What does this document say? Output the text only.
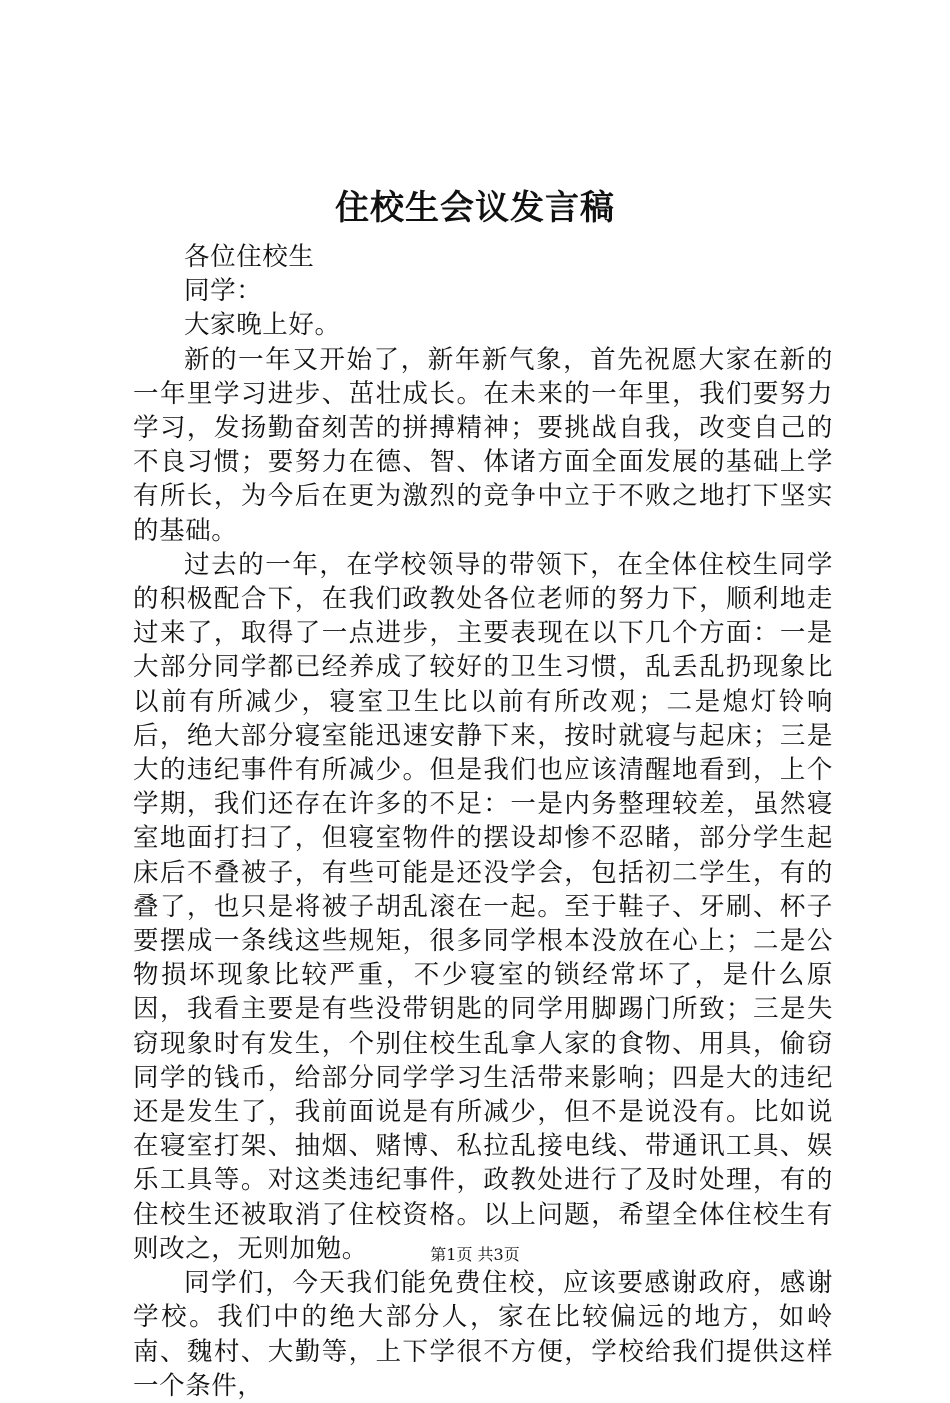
住校生会议发言稿

各位住校生

同学：

大家晚上好。

新的一年又开始了，新年新气象，首先祝愿大家在新的一年里学习进步、茁壮成长。在未来的一年里，我们要努力学习，发扬勤奋刻苦的拼搏精神；要挑战自我，改变自己的不良习惯；要努力在德、智、体诸方面全面发展的基础上学有所长，为今后在更为激烈的竞争中立于不败之地打下坚实的基础。

过去的一年，在学校领导的带领下，在全体住校生同学的积极配合下，在我们政教处各位老师的努力下，顺利地走过来了，取得了一点进步，主要表现在以下几个方面：一是大部分同学都已经养成了较好的卫生习惯，乱丢乱扔现象比以前有所减少，寝室卫生比以前有所改观；二是熄灯铃响后，绝大部分寝室能迅速安静下来，按时就寝与起床；三是大的违纪事件有所减少。但是我们也应该清醒地看到，上个学期，我们还存在许多的不足：一是内务整理较差，虽然寝室地面打扫了，但寝室物件的摆设却惨不忍睹，部分学生起床后不叠被子，有些可能是还没学会，包括初二学生，有的叠了，也只是将被子胡乱滚在一起。至于鞋子、牙刷、杯子要摆成一条线这些规矩，很多同学根本没放在心上；二是公物损坏现象比较严重，不少寝室的锁经常坏了，是什么原因，我看主要是有些没带钥匙的同学用脚踢门所致；三是失窃现象时有发生，个别住校生乱拿人家的食物、用具，偷窃同学的钱币，给部分同学学习生活带来影响；四是大的违纪还是发生了，我前面说是有所减少，但不是说没有。比如说在寝室打架、抽烟、赌博、私拉乱接电线、带通讯工具、娱乐工具等。对这类违纪事件，政教处进行了及时处理，有的住校生还被取消了住校资格。以上问题，希望全体住校生有则改之，无则加勉。

同学们，今天我们能免费住校，应该要感谢政府，感谢学校。我们中的绝大部分人，家在比较偏远的地方，如岭南、魏村、大勤等，上下学很不方便，学校给我们提供这样一个条件，

第1页 共3页
